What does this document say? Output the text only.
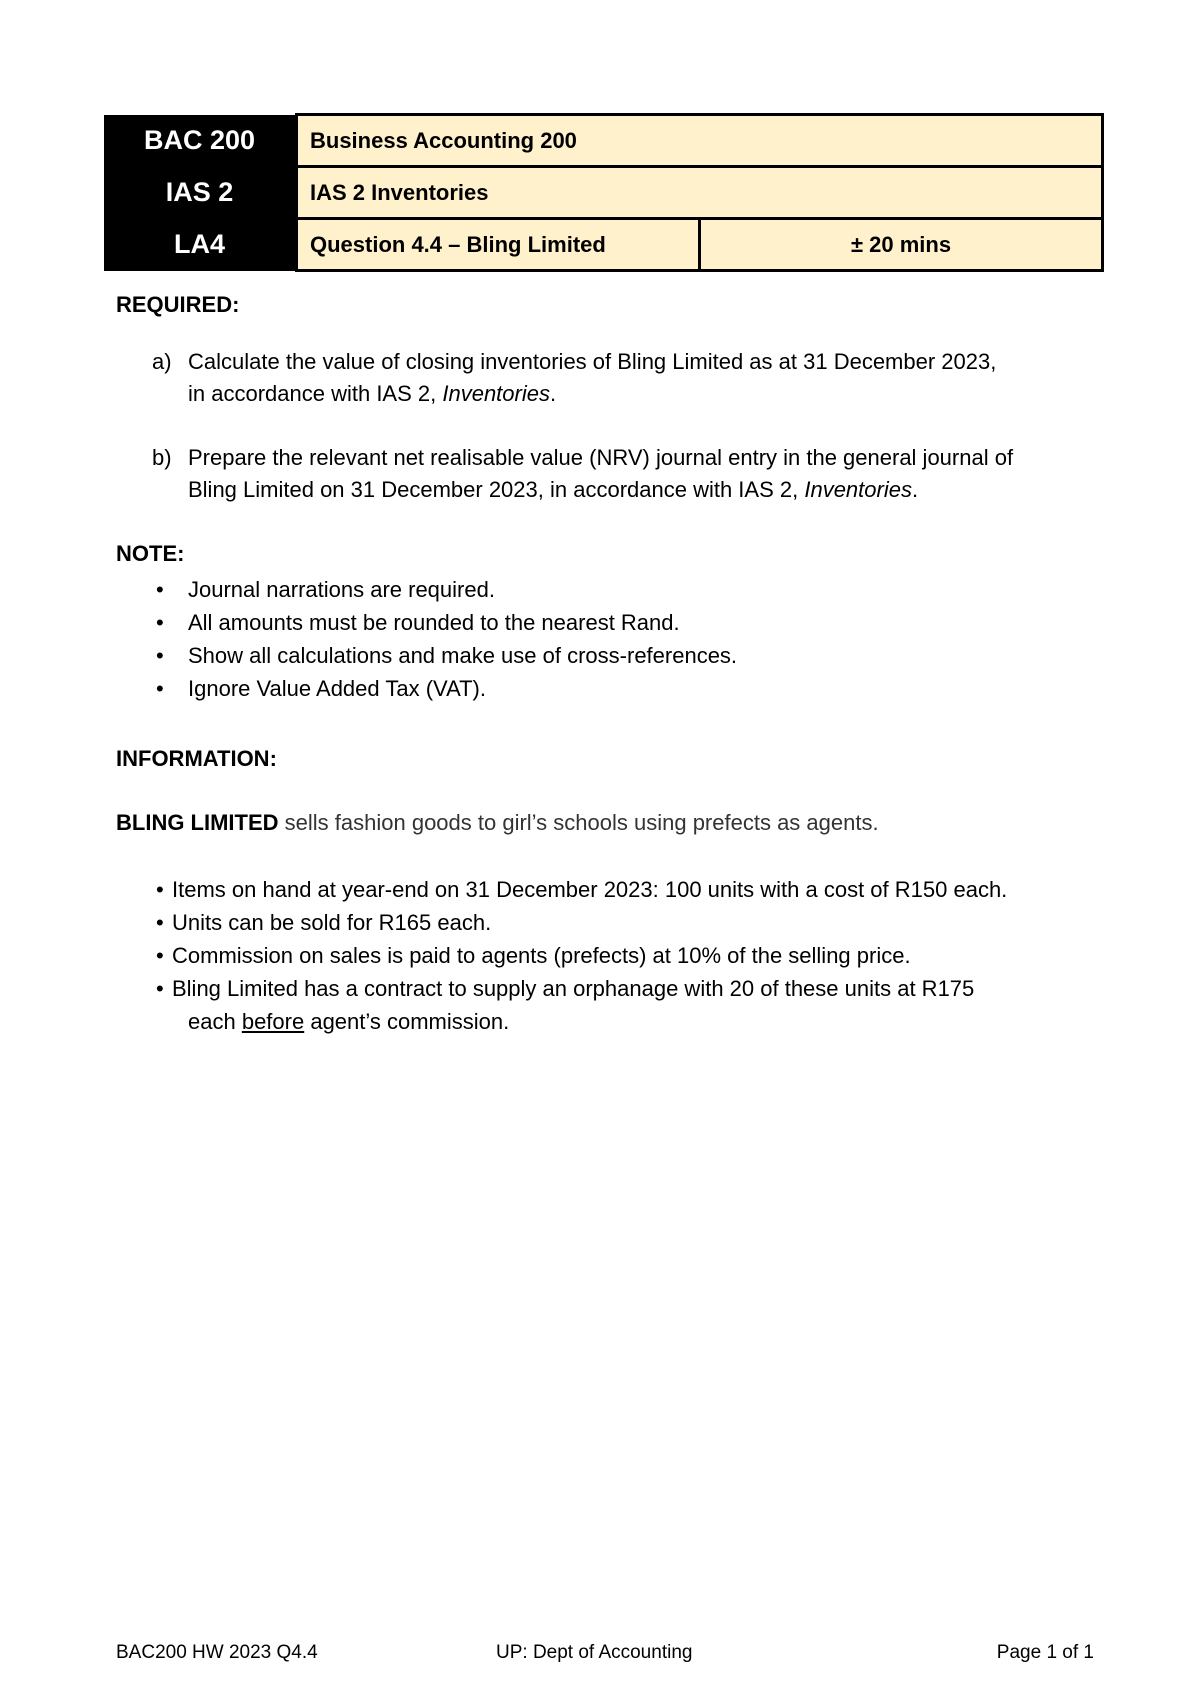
BAC 200	Business Accounting 200	
IAS 2	IAS 2 Inventories	
LA4	Question 4.4 – Bling Limited	± 20 mins
REQUIRED:
a) Calculate the value of closing inventories of Bling Limited as at 31 December 2023,
in accordance with IAS 2, Inventories.
b) Prepare the relevant net realisable value (NRV) journal entry in the general journal of
Bling Limited on 31 December 2023, in accordance with IAS 2, Inventories.
NOTE:
• Journal narrations are required.
• All amounts must be rounded to the nearest Rand.
• Show all calculations and make use of cross-references.
• Ignore Value Added Tax (VAT).
INFORMATION:
BLING LIMITED sells fashion goods to girl’s schools using prefects as agents.
• Items on hand at year-end on 31 December 2023: 100 units with a cost of R150 each.
• Units can be sold for R165 each.
• Commission on sales is paid to agents (prefects) at 10% of the selling price.
• Bling Limited has a contract to supply an orphanage with 20 of these units at R175
each before agent’s commission.
BAC200 HW 2023 Q4.4	UP: Dept of Accounting	Page 1 of 1
